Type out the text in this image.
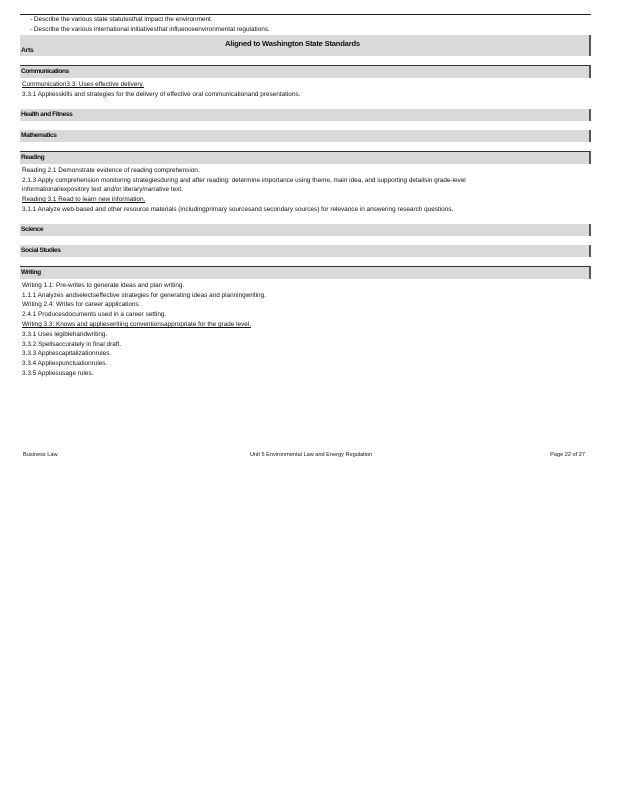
- Describe the various state statutesthat impact the environment.
- Describe the various international initiativesthat influenceenvironmental regulations.
Aligned to Washington State Standards
Arts
Communications
Communication3.3: Uses effective delivery.
3.3.1 Appliesskills and strategies for the delivery of effective oral communicationand presentations.
Health and Fitness
Mathematics
Reading
Reading 2.1 Demonstrate evidence of reading comprehension.
2.1.3 Apply comprehension monitoring strategiesduring and after reading: determine importance using theme, main idea, and supporting detailsin grade-level
informational/expository text and/or literary/narrative text.
Reading 3.1 Read to learn new information.
3.1.1 Analyze web-based and other resource materials (includingprimary sourcesand secondary sources) for relevance in answering research questions.
Science
Social Studies
Writing
Writing 1.1: Pre-writes to generate ideas and plan writing.
1.1.1 Analyzes andselectseffective strategies for generating ideas and planningwriting.
Writing 2.4: Writes for career applications.
2.4.1 Producesdocuments used in a career setting.
Writing 3.3: Knows and applieswriting conventionsappropriate for the grade level.
3.3.1 Uses legiblehandwriting.
3.3.2 Spellsaccurately in final draft.
3.3.3 Appliescapitalizationrules.
3.3.4 Appliespunctuationrules.
3.3.5 Appliesusage rules.
Business Law	Unit 5 Environmental Law and Energy Regulation	Page 22 of 27
